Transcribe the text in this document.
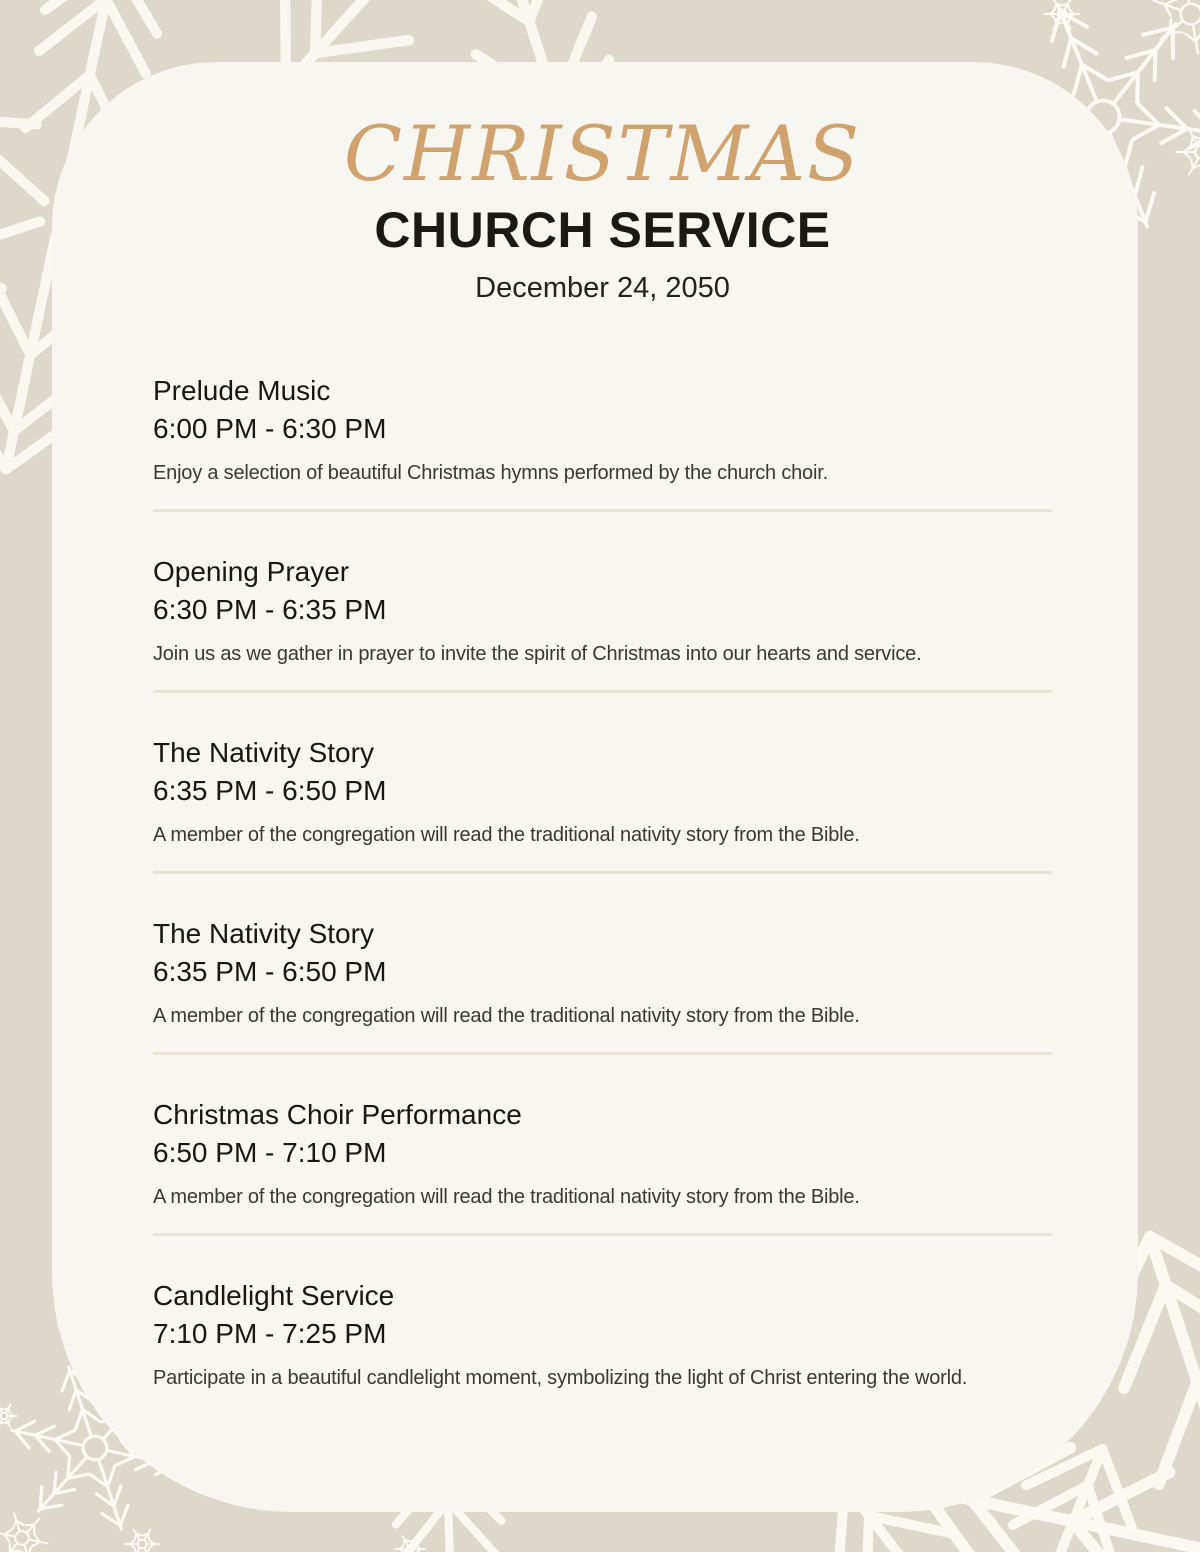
CHRISTMAS
CHURCH SERVICE
December 24, 2050
Prelude Music
6:00 PM - 6:30 PM
Enjoy a selection of beautiful Christmas hymns performed by the church choir.
Opening Prayer
6:30 PM - 6:35 PM
Join us as we gather in prayer to invite the spirit of Christmas into our hearts and service.
The Nativity Story
6:35 PM - 6:50 PM
A member of the congregation will read the traditional nativity story from the Bible.
The Nativity Story
6:35 PM - 6:50 PM
A member of the congregation will read the traditional nativity story from the Bible.
Christmas Choir Performance
6:50 PM - 7:10 PM
A member of the congregation will read the traditional nativity story from the Bible.
Candlelight Service
7:10 PM - 7:25 PM
Participate in a beautiful candlelight moment, symbolizing the light of Christ entering the world.
